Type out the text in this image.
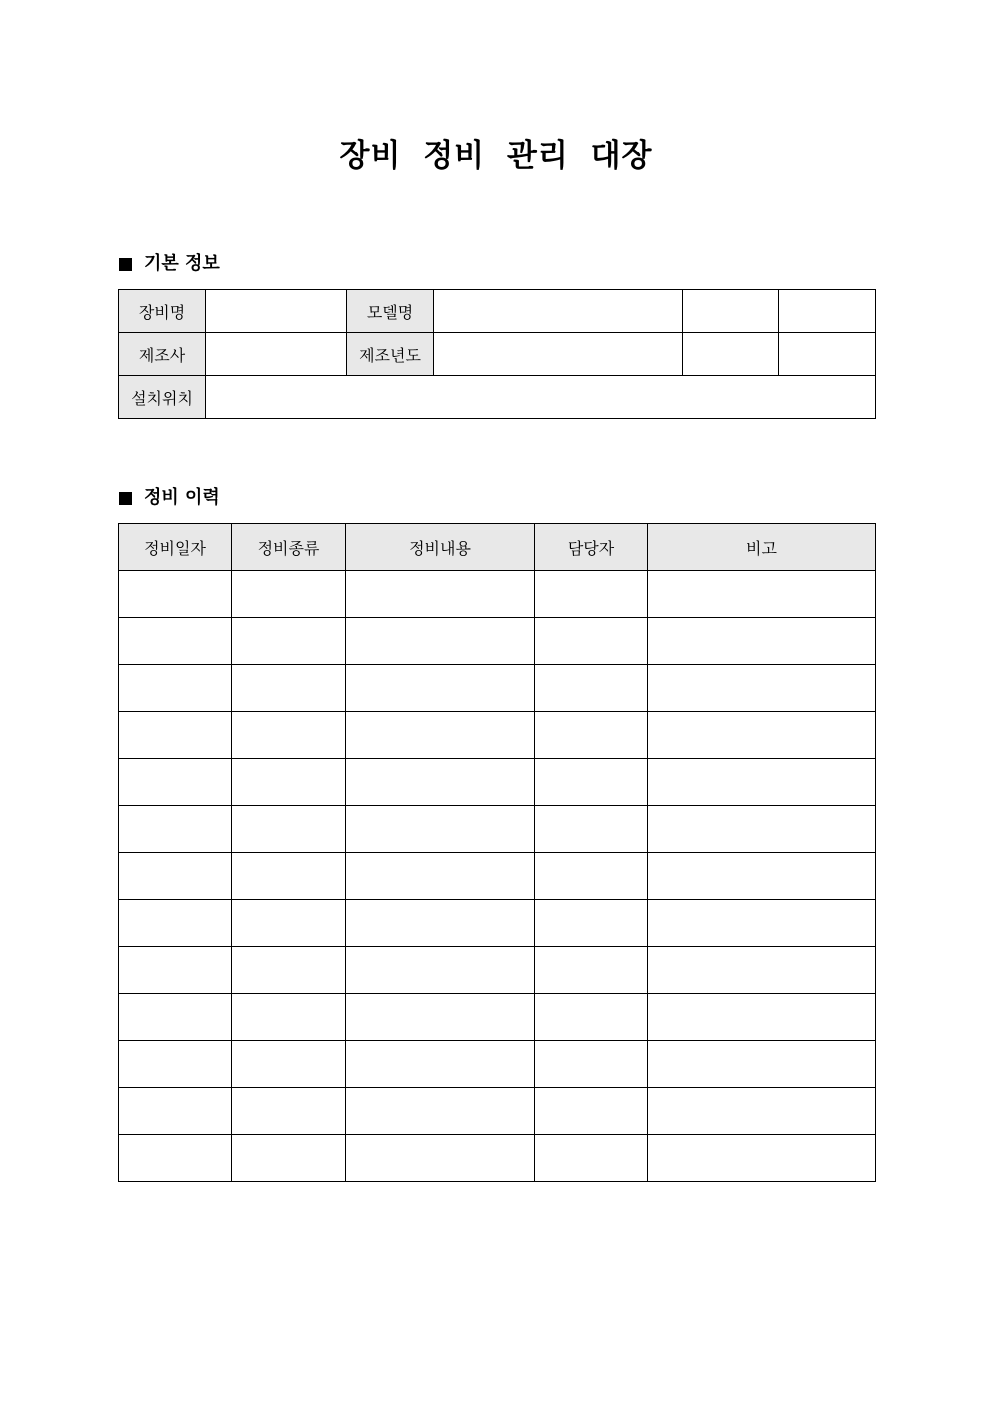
장비 정비 관리 대장
기본 정보
장비명		모델명			
제조사		제조년도			
설치위치					
정비 이력
정비일자	정비종류	정비내용	담당자	비고
